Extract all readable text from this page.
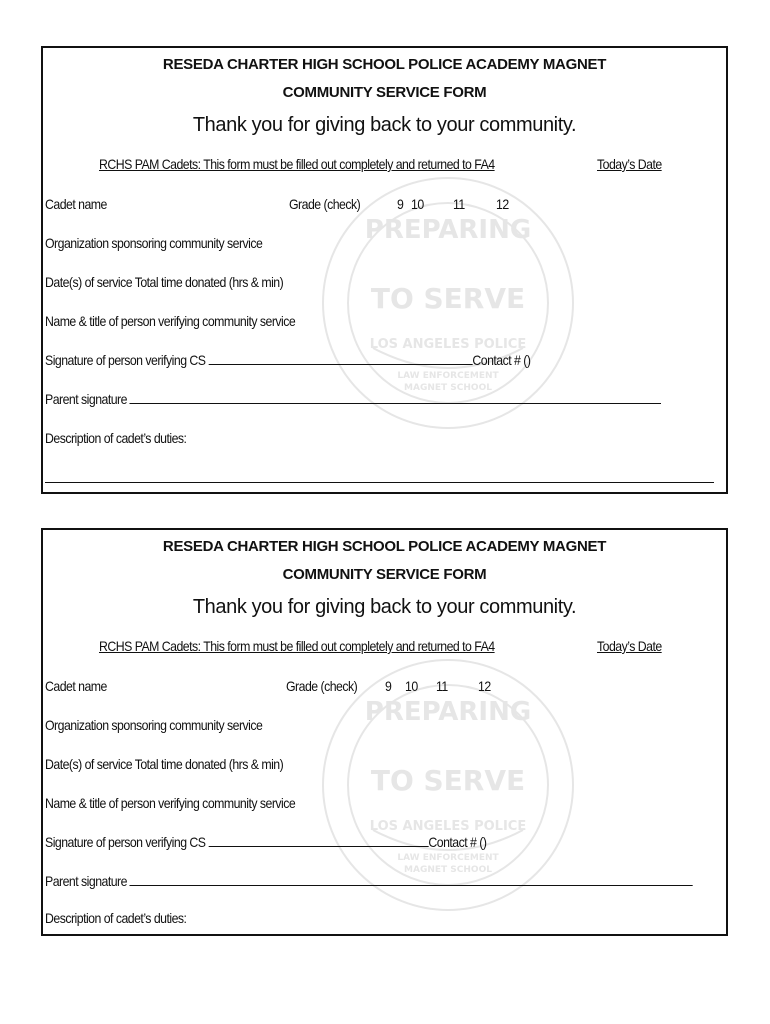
PREPARING
TO SERVE
LOS ANGELES POLICE
LAW ENFORCEMENT
MAGNET SCHOOL
RESEDA CHARTER HIGH SCHOOL POLICE ACADEMY MAGNET
COMMUNITY SERVICE FORM
Thank you for giving back to your community.
RCHS PAM Cadets: This form must be filled out completely and returned to FA4	Today’s Date
Cadet name	Grade (check)	9 10 11 12
Organization sponsoring community service
Date(s) of service Total time donated (hrs & min)
Name & title of person verifying community service
Signature of person verifying CS	Contact # ()
Parent signature
Description of cadet’s duties:
PREPARING
TO SERVE
LOS ANGELES POLICE
LAW ENFORCEMENT
MAGNET SCHOOL
RESEDA CHARTER HIGH SCHOOL POLICE ACADEMY MAGNET
COMMUNITY SERVICE FORM
Thank you for giving back to your community.
RCHS PAM Cadets: This form must be filled out completely and returned to FA4	Today’s Date
Cadet name	Grade (check) 9 10 11 12
Organization sponsoring community service
Date(s) of service Total time donated (hrs & min)
Name & title of person verifying community service
Signature of person verifying CS	Contact # ()
Parent signature
Description of cadet’s duties:
